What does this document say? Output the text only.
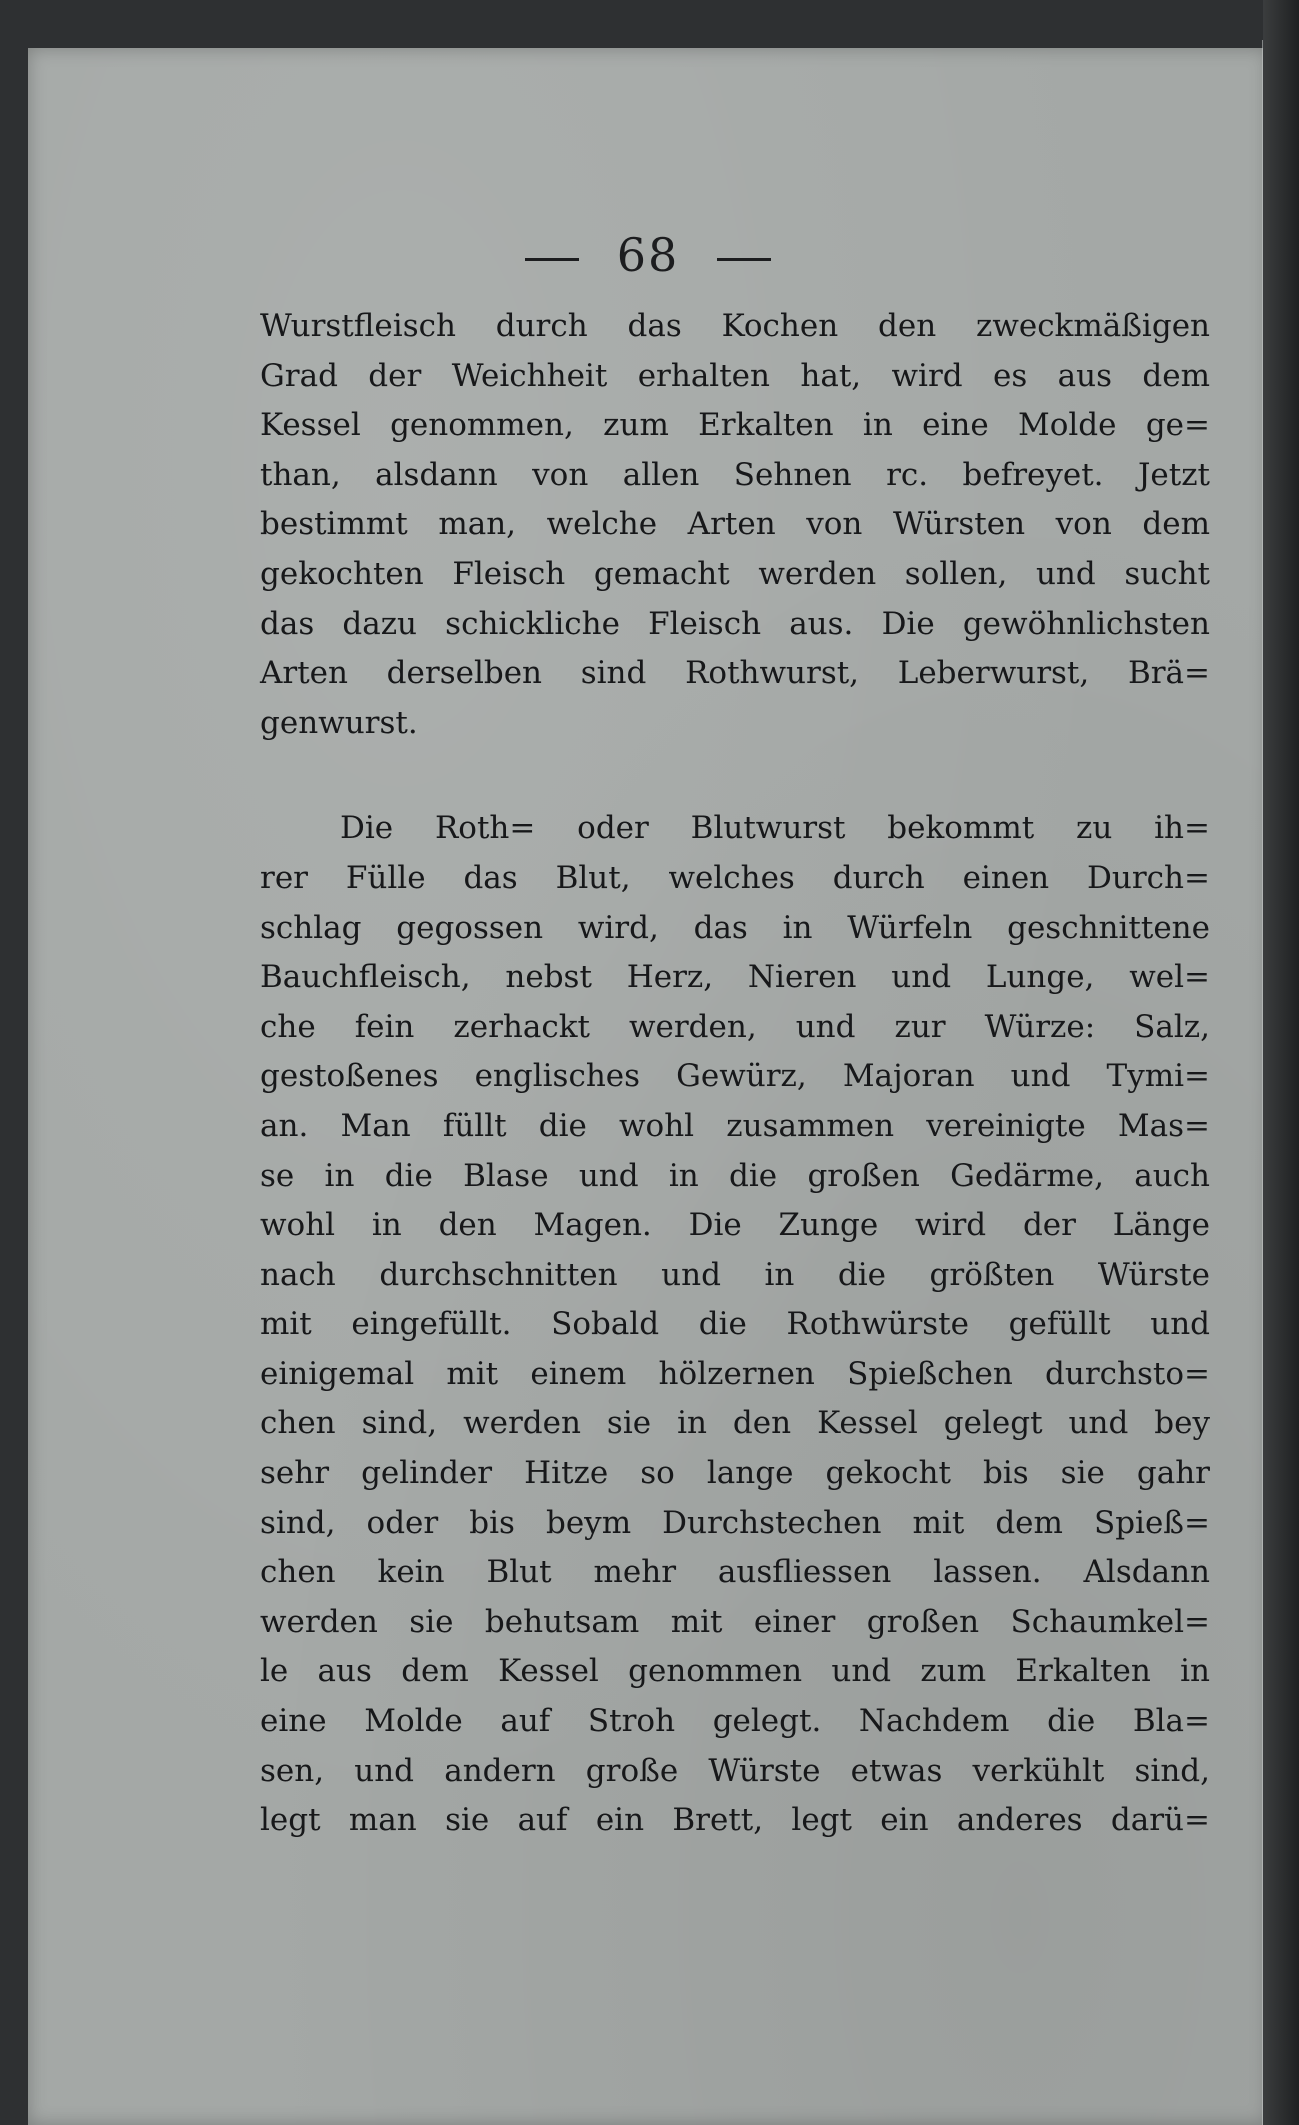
68
Wurstfleisch durch das Kochen den zweckmäßigen
Grad der Weichheit erhalten hat, wird es aus dem
Kessel genommen, zum Erkalten in eine Molde ge=
than, alsdann von allen Sehnen rc. befreyet. Jetzt
bestimmt man, welche Arten von Würsten von dem
gekochten Fleisch gemacht werden sollen, und sucht
das dazu schickliche Fleisch aus. Die gewöhnlichsten
Arten derselben sind Rothwurst, Leberwurst, Brä=
genwurst.
Die Roth= oder Blutwurst bekommt zu ih=
rer Fülle das Blut, welches durch einen Durch=
schlag gegossen wird, das in Würfeln geschnittene
Bauchfleisch, nebst Herz, Nieren und Lunge, wel=
che fein zerhackt werden, und zur Würze: Salz,
gestoßenes englisches Gewürz, Majoran und Tymi=
an. Man füllt die wohl zusammen vereinigte Mas=
se in die Blase und in die großen Gedärme, auch
wohl in den Magen. Die Zunge wird der Länge
nach durchschnitten und in die größten Würste
mit eingefüllt. Sobald die Rothwürste gefüllt und
einigemal mit einem hölzernen Spießchen durchsto=
chen sind, werden sie in den Kessel gelegt und bey
sehr gelinder Hitze so lange gekocht bis sie gahr
sind, oder bis beym Durchstechen mit dem Spieß=
chen kein Blut mehr ausfliessen lassen. Alsdann
werden sie behutsam mit einer großen Schaumkel=
le aus dem Kessel genommen und zum Erkalten in
eine Molde auf Stroh gelegt. Nachdem die Bla=
sen, und andern große Würste etwas verkühlt sind,
legt man sie auf ein Brett, legt ein anderes darü=
